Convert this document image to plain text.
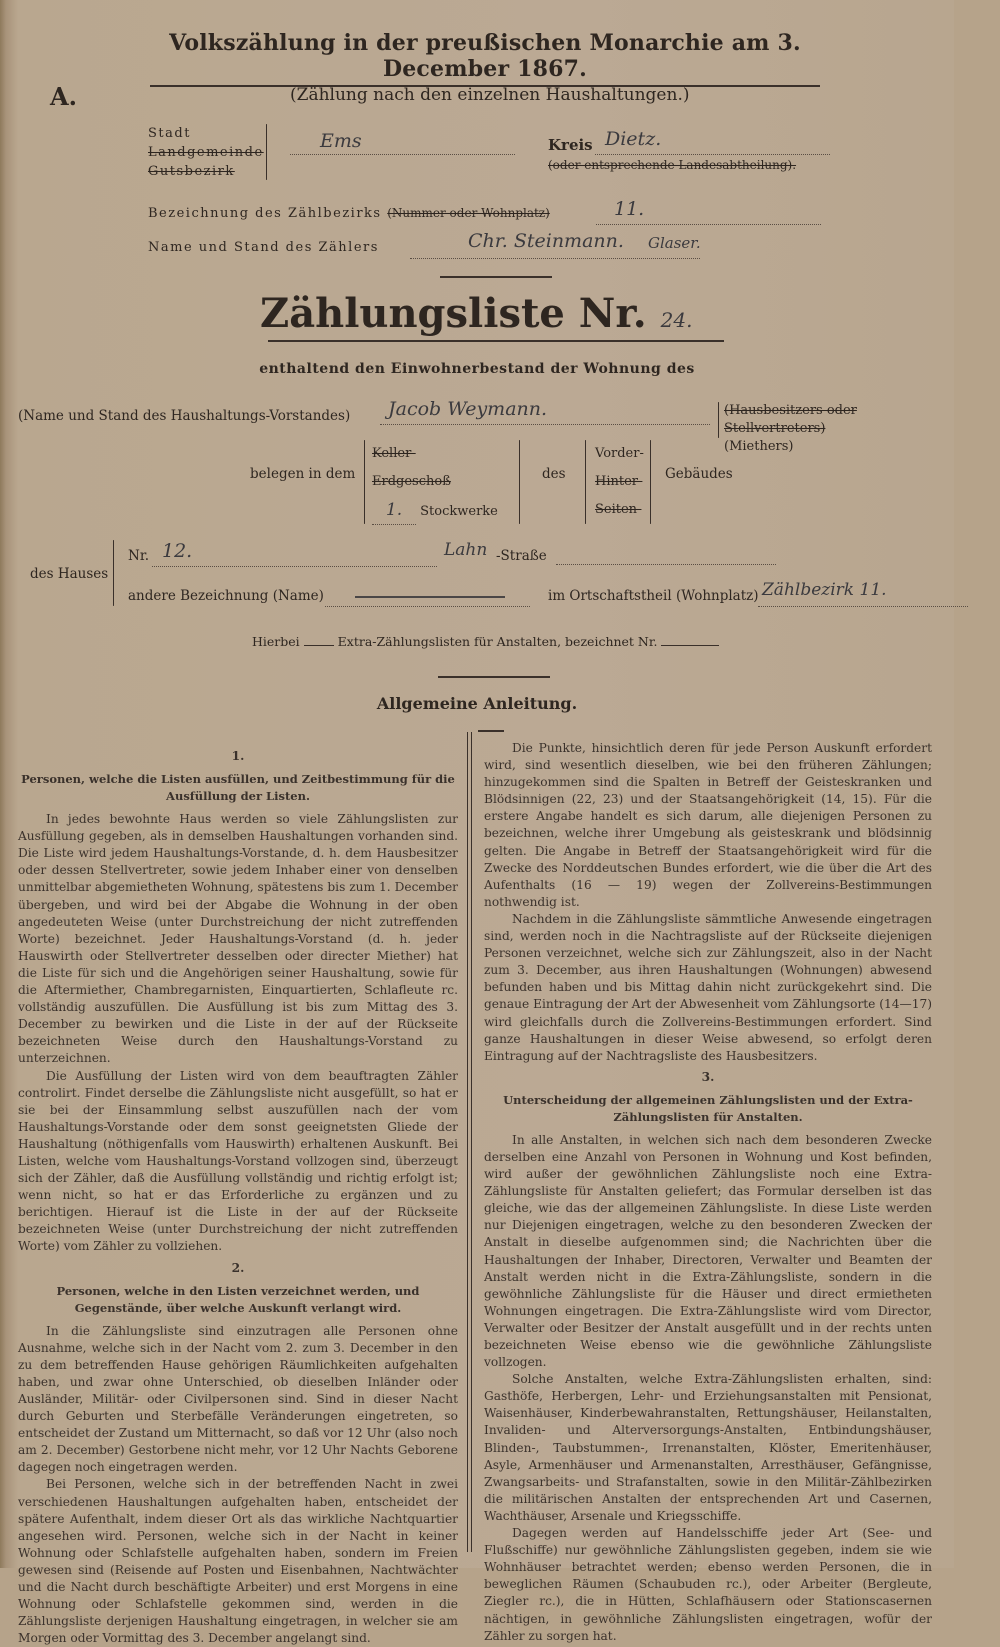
Volkszählung in der preußischen Monarchie am 3. December 1867.
A.	(Zählung nach den einzelnen Haushaltungen.)
Stadt
Landgemeinde
Gutsbezirk
Ems	Kreis Dietz.
(oder entsprechende Landesabtheilung).
Bezeichnung des Zählbezirks (Nummer oder Wohnplatz)	11.
Name und Stand des Zählers	Chr. Steinmann. Glaser.
Zählungsliste Nr. 24.
enthaltend den Einwohnerbestand der Wohnung des
(Name und Stand des Haushaltungs-Vorstandes) Jacob Weymann.	(Hausbesitzers oder Stellvertreters)
(Miethers)
belegen in dem
Keller-
Erdgeschoß
1. Stockwerke
des
Vorder-
Hinter-
Seiten-
Gebäudes
des Hauses
Nr. 12.	Lahn -Straße
andere Bezeichnung (Name)	im Ortschaftstheil (Wohnplatz) Zählbezirk 11.
Hierbei	Extra-Zählungslisten für Anstalten, bezeichnet Nr.
Allgemeine Anleitung.
1.
Personen, welche die Listen ausfüllen, und Zeitbestimmung für die Ausfüllung der Listen.

In jedes bewohnte Haus werden so viele Zählungslisten zur Ausfüllung gegeben, als in demselben Haushaltungen vorhanden sind. Die Liste wird jedem Haushaltungs-Vorstande, d. h. dem Hausbesitzer oder dessen Stellvertreter, sowie jedem Inhaber einer von denselben unmittelbar abgemietheten Wohnung, spätestens bis zum 1. December übergeben, und wird bei der Abgabe die Wohnung in der oben angedeuteten Weise (unter Durchstreichung der nicht zutreffenden Worte) bezeichnet. Jeder Haushaltungs-Vorstand (d. h. jeder Hauswirth oder Stellvertreter desselben oder directer Miether) hat die Liste für sich und die Angehörigen seiner Haushaltung, sowie für die Aftermiether, Chambregarnisten, Einquartierten, Schlafleute rc. vollständig auszufüllen. Die Ausfüllung ist bis zum Mittag des 3. December zu bewirken und die Liste in der auf der Rückseite bezeichneten Weise durch den Haushaltungs-Vorstand zu unterzeichnen.

Die Ausfüllung der Listen wird von dem beauftragten Zähler controlirt. Findet derselbe die Zählungsliste nicht ausgefüllt, so hat er sie bei der Einsammlung selbst auszufüllen nach der vom Haushaltungs-Vorstande oder dem sonst geeignetsten Gliede der Haushaltung (nöthigenfalls vom Hauswirth) erhaltenen Auskunft. Bei Listen, welche vom Haushaltungs-Vorstand vollzogen sind, überzeugt sich der Zähler, daß die Ausfüllung vollständig und richtig erfolgt ist; wenn nicht, so hat er das Erforderliche zu ergänzen und zu berichtigen. Hierauf ist die Liste in der auf der Rückseite bezeichneten Weise (unter Durchstreichung der nicht zutreffenden Worte) vom Zähler zu vollziehen.

2.
Personen, welche in den Listen verzeichnet werden, und Gegenstände, über welche Auskunft verlangt wird.

In die Zählungsliste sind einzutragen alle Personen ohne Ausnahme, welche sich in der Nacht vom 2. zum 3. December in den zu dem betreffenden Hause gehörigen Räumlichkeiten aufgehalten haben, und zwar ohne Unterschied, ob dieselben Inländer oder Ausländer, Militär- oder Civilpersonen sind. Sind in dieser Nacht durch Geburten und Sterbefälle Veränderungen eingetreten, so entscheidet der Zustand um Mitternacht, so daß vor 12 Uhr (also noch am 2. December) Gestorbene nicht mehr, vor 12 Uhr Nachts Geborene dagegen noch eingetragen werden.

Bei Personen, welche sich in der betreffenden Nacht in zwei verschiedenen Haushaltungen aufgehalten haben, entscheidet der spätere Aufenthalt, indem dieser Ort als das wirkliche Nachtquartier angesehen wird. Personen, welche sich in der Nacht in keiner Wohnung oder Schlafstelle aufgehalten haben, sondern im Freien gewesen sind (Reisende auf Posten und Eisenbahnen, Nachtwächter und die Nacht durch beschäftigte Arbeiter) und erst Morgens in eine Wohnung oder Schlafstelle gekommen sind, werden in die Zählungsliste derjenigen Haushaltung eingetragen, in welcher sie am Morgen oder Vormittag des 3. December angelangt sind.

Die Punkte, hinsichtlich deren für jede Person Auskunft erfordert wird, sind wesentlich dieselben, wie bei den früheren Zählungen; hinzugekommen sind die Spalten in Betreff der Geisteskranken und Blödsinnigen (22, 23) und der Staatsangehörigkeit (14, 15). Für die erstere Angabe handelt es sich darum, alle diejenigen Personen zu bezeichnen, welche ihrer Umgebung als geisteskrank und blödsinnig gelten. Die Angabe in Betreff der Staatsangehörigkeit wird für die Zwecke des Norddeutschen Bundes erfordert, wie die über die Art des Aufenthalts (16 — 19) wegen der Zollvereins-Bestimmungen nothwendig ist.

Nachdem in die Zählungsliste sämmtliche Anwesende eingetragen sind, werden noch in die Nachtragsliste auf der Rückseite diejenigen Personen verzeichnet, welche sich zur Zählungszeit, also in der Nacht zum 3. December, aus ihren Haushaltungen (Wohnungen) abwesend befunden haben und bis Mittag dahin nicht zurückgekehrt sind. Die genaue Eintragung der Art der Abwesenheit vom Zählungsorte (14—17) wird gleichfalls durch die Zollvereins-Bestimmungen erfordert. Sind ganze Haushaltungen in dieser Weise abwesend, so erfolgt deren Eintragung auf der Nachtragsliste des Hausbesitzers.

3.
Unterscheidung der allgemeinen Zählungslisten und der Extra-Zählungslisten für Anstalten.

In alle Anstalten, in welchen sich nach dem besonderen Zwecke derselben eine Anzahl von Personen in Wohnung und Kost befinden, wird außer der gewöhnlichen Zählungsliste noch eine Extra-Zählungsliste für Anstalten geliefert; das Formular derselben ist das gleiche, wie das der allgemeinen Zählungsliste. In diese Liste werden nur Diejenigen eingetragen, welche zu den besonderen Zwecken der Anstalt in dieselbe aufgenommen sind; die Nachrichten über die Haushaltungen der Inhaber, Directoren, Verwalter und Beamten der Anstalt werden nicht in die Extra-Zählungsliste, sondern in die gewöhnliche Zählungsliste für die Häuser und direct ermietheten Wohnungen eingetragen. Die Extra-Zählungsliste wird vom Director, Verwalter oder Besitzer der Anstalt ausgefüllt und in der rechts unten bezeichneten Weise ebenso wie die gewöhnliche Zählungsliste vollzogen.

Solche Anstalten, welche Extra-Zählungslisten erhalten, sind: Gasthöfe, Herbergen, Lehr- und Erziehungsanstalten mit Pensionat, Waisenhäuser, Kinderbewahranstalten, Rettungshäuser, Heilanstalten, Invaliden- und Alterversorgungs-Anstalten, Entbindungshäuser, Blinden-, Taubstummen-, Irrenanstalten, Klöster, Emeritenhäuser, Asyle, Armenhäuser und Armenanstalten, Arresthäuser, Gefängnisse, Zwangsarbeits- und Strafanstalten, sowie in den Militär-Zählbezirken die militärischen Anstalten der entsprechenden Art und Casernen, Wachthäuser, Arsenale und Kriegsschiffe.

Dagegen werden auf Handelsschiffe jeder Art (See- und Flußschiffe) nur gewöhnliche Zählungslisten gegeben, indem sie wie Wohnhäuser betrachtet werden; ebenso werden Personen, die in beweglichen Räumen (Schaubuden rc.), oder Arbeiter (Bergleute, Ziegler rc.), die in Hütten, Schlafhäusern oder Stationscasernen nächtigen, in gewöhnliche Zählungslisten eingetragen, wofür der Zähler zu sorgen hat.
